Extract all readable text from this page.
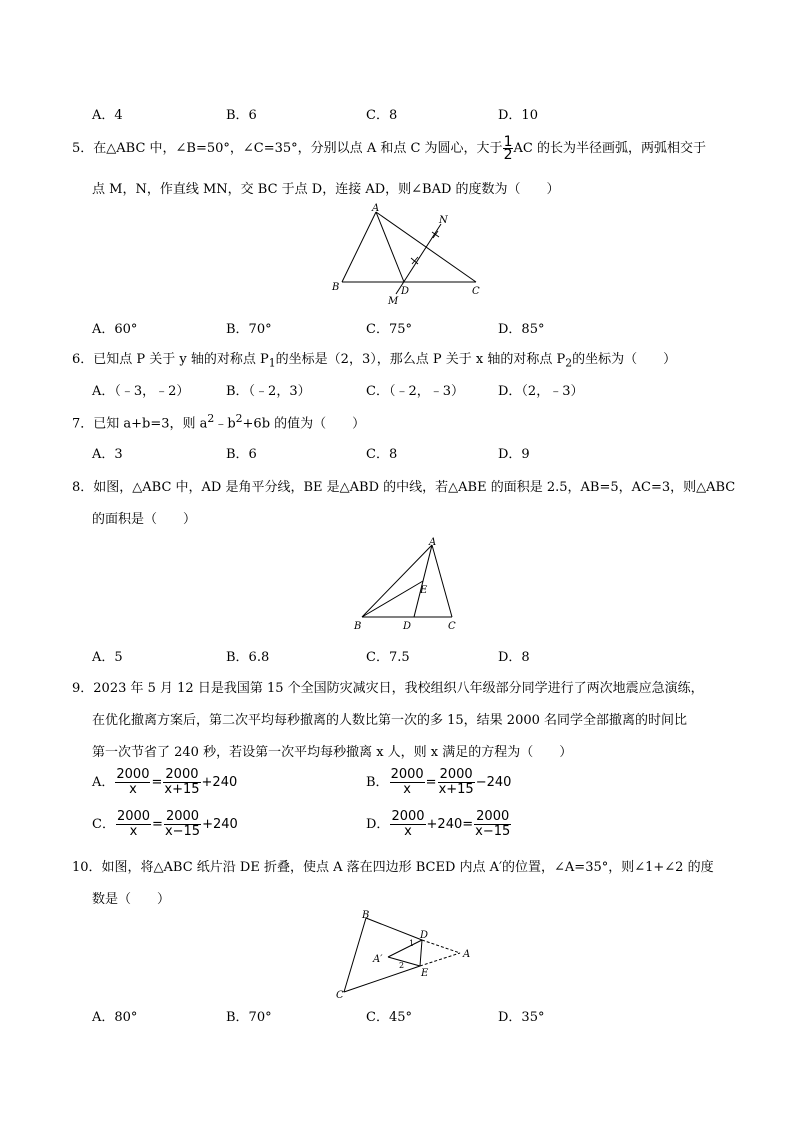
A．4	B．6	C．8	D．10
5．在△ABC 中，∠B=50°，∠C=35°，分别以点 A 和点 C 为圆心，大于 $\frac{1}{2}$ AC 的长为半径画弧，两弧相交于
点 M，N，作直线 MN，交 BC 于点 D，连接 AD，则∠BAD 的度数为（　　）
A
B	C
D
M
N
A．60°	B．70°	C．75°	D．85°
6．已知点 P 关于 y 轴的对称点 $P_1$的坐标是（2，3），那么点 P 关于 x 轴的对称点 $P_2$的坐标为（　　）
A．（﹣3，﹣2）	B．（﹣2，3）	C．（﹣2，﹣3）	D．（2，﹣3）
7．已知 a+b=3，则 $a^2﹣b^2+6b$ 的值为（　　）
A．3	B．6	C．8	D．9
8．如图，△ABC 中，AD 是角平分线，BE 是△ABD 的中线，若△ABE 的面积是 2.5，AB=5，AC=3，则△ABC
的面积是（　　）
A
B	C
D
E
A．5	B．6.8	C．7.5	D．8
9．2023 年 5 月 12 日是我国第 15 个全国防灾减灾日，我校组织八年级部分同学进行了两次地震应急演练，
在优化撤离方案后，第二次平均每秒撤离的人数比第一次的多 15，结果 2000 名同学全部撤离的时间比
第一次节省了 240 秒，若设第一次平均每秒撤离 x 人，则 x 满足的方程为（　　）
A． $\frac{2000}{x} = \frac{2000}{x+15} +240$	B． $\frac{2000}{x} = \frac{2000}{x+15} -240$
C． $\frac{2000}{x} = \frac{2000}{x-15} +240$	D． $\frac{2000}{x} +240= \frac{2000}{x-15}$
10．如图，将△ABC 纸片沿 DE 折叠，使点 A 落在四边形 BCED 内点 A′的位置，∠A=35°，则∠1+∠2 的度
数是（　　）
B
C
D
E
A
A′
1
2
A．80°	B．70°	C．45°	D．35°
